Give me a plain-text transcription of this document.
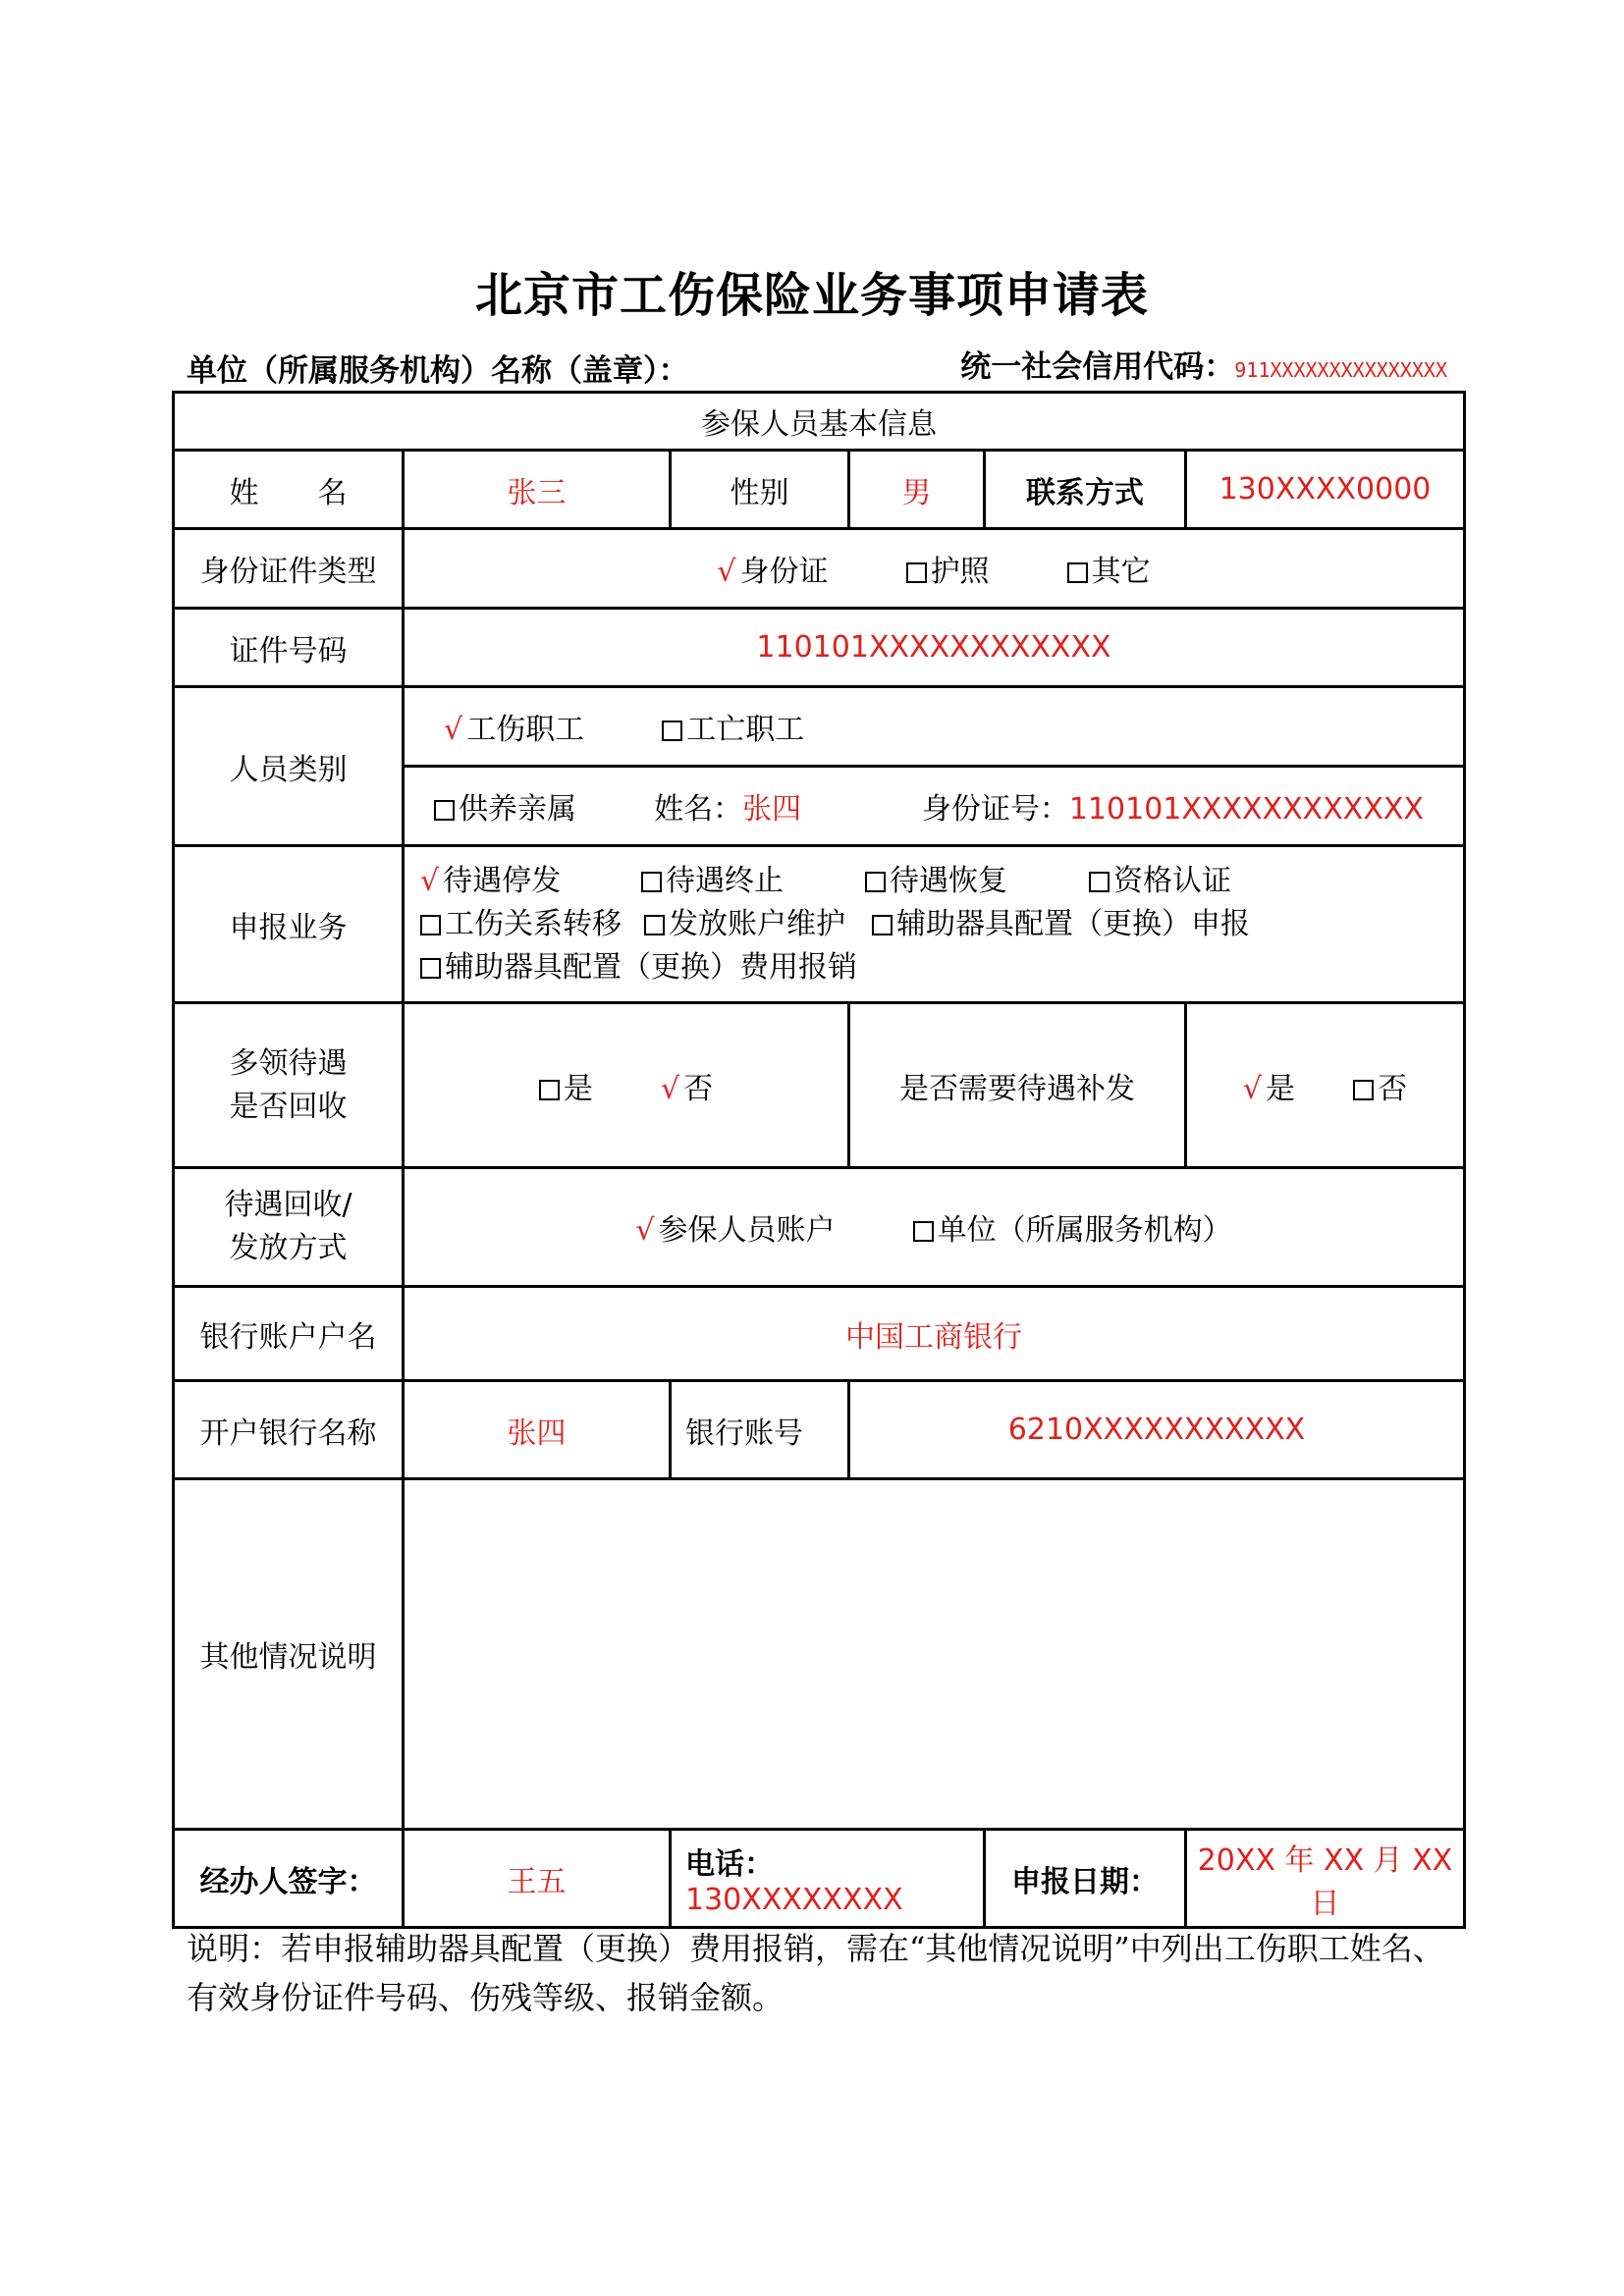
北京市工伤保险业务事项申请表
单位（所属服务机构）名称（盖章）：	统一社会信用代码：911XXXXXXXXXXXXXXX
参保人员基本信息					
姓　　名	张三	性别	男	联系方式	130XXXX0000
身份证件类型	√ 身份证 护照 其它				
证件号码	110101XXXXXXXXXXXX				
人员类别	√ 工伤职工 工亡职工				
	供养亲属 姓名：张四 身份证号：110101XXXXXXXXXXXX				

申报业务	√ 待遇停发 待遇终止 待遇恢复 资格认证
工伤关系转移 发放账户维护 辅助器具配置（更换）申报
辅助器具配置（更换）费用报销				

多领待遇
是否回收	是 √ 否		是否需要待遇补发		√ 是 否

待遇回收/
发放方式	√ 参保人员账户 单位（所属服务机构）				
银行账户户名	中国工商银行				
开户银行名称	张四	银行账号	6210XXXXXXXXXXX		
其他情况说明					
经办人签字：	王五	电话：130XXXXXXXX		申报日期：	20XX 年 XX 月 XX 日
说明：若申报辅助器具配置（更换）费用报销，需在“其他情况说明”中列出工伤职工姓名、有效身份证件号码、伤残等级、报销金额。
